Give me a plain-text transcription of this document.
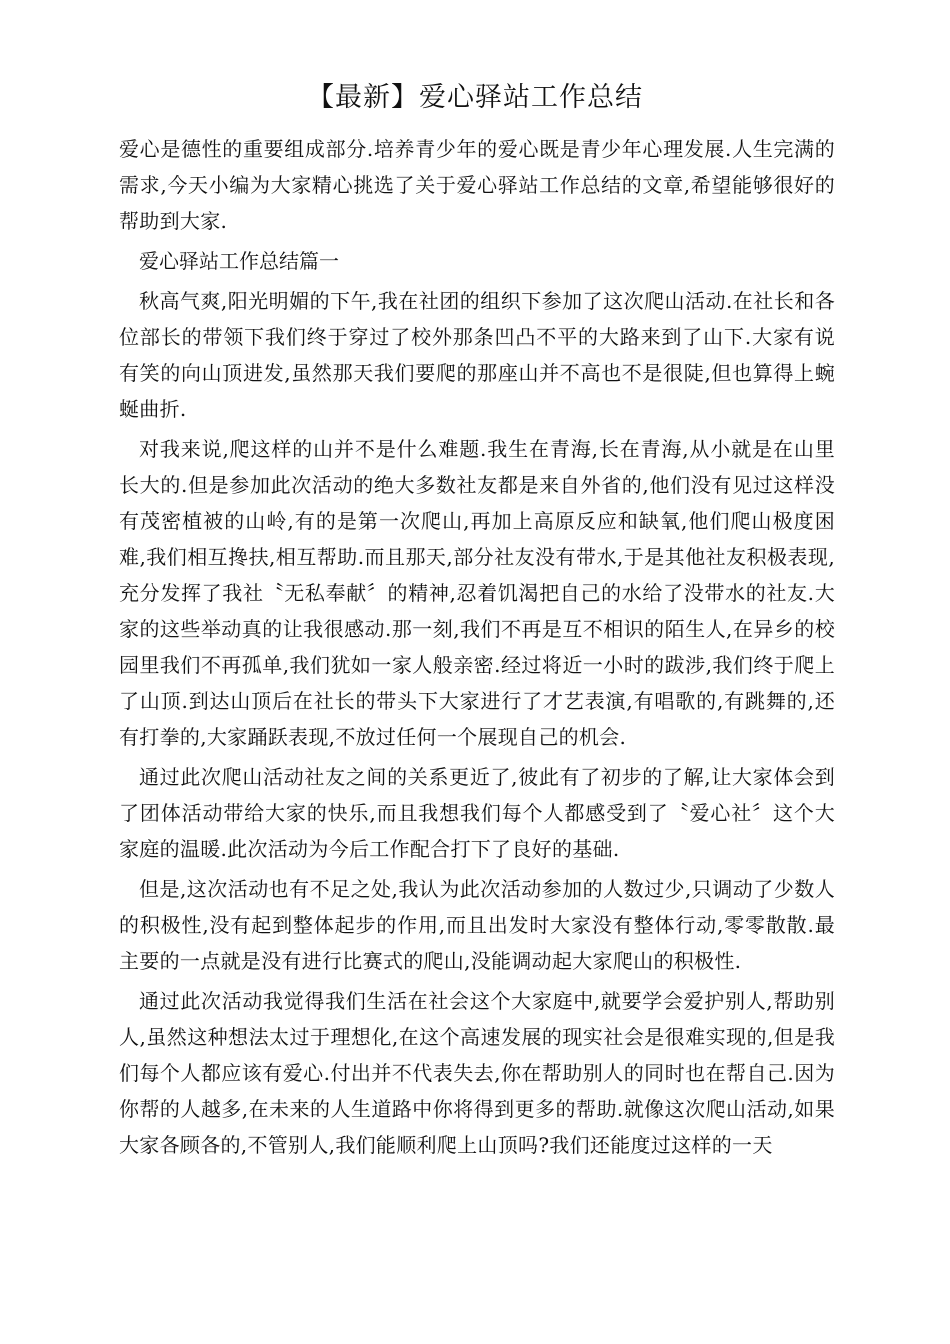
【最新】爱心驿站工作总结

爱心是德性的重要组成部分.培养青少年的爱心既是青少年心理发展.人生完满的需求,今天小编为大家精心挑选了关于爱心驿站工作总结的文章,希望能够很好的帮助到大家.

爱心驿站工作总结篇一

秋高气爽,阳光明媚的下午,我在社团的组织下参加了这次爬山活动.在社长和各位部长的带领下我们终于穿过了校外那条凹凸不平的大路来到了山下.大家有说有笑的向山顶进发,虽然那天我们要爬的那座山并不高也不是很陡,但也算得上蜿蜒曲折.

对我来说,爬这样的山并不是什么难题.我生在青海,长在青海,从小就是在山里长大的.但是参加此次活动的绝大多数社友都是来自外省的,他们没有见过这样没有茂密植被的山岭,有的是第一次爬山,再加上高原反应和缺氧,他们爬山极度困难,我们相互搀扶,相互帮助.而且那天,部分社友没有带水,于是其他社友积极表现,充分发挥了我社〝无私奉献〞的精神,忍着饥渴把自己的水给了没带水的社友.大家的这些举动真的让我很感动.那一刻,我们不再是互不相识的陌生人,在异乡的校园里我们不再孤单,我们犹如一家人般亲密.经过将近一小时的跋涉,我们终于爬上了山顶.到达山顶后在社长的带头下大家进行了才艺表演,有唱歌的,有跳舞的,还有打拳的,大家踊跃表现,不放过任何一个展现自己的机会.

通过此次爬山活动社友之间的关系更近了,彼此有了初步的了解,让大家体会到了团体活动带给大家的快乐,而且我想我们每个人都感受到了〝爱心社〞这个大家庭的温暖.此次活动为今后工作配合打下了良好的基础.

但是,这次活动也有不足之处,我认为此次活动参加的人数过少,只调动了少数人的积极性,没有起到整体起步的作用,而且出发时大家没有整体行动,零零散散.最主要的一点就是没有进行比赛式的爬山,没能调动起大家爬山的积极性.

通过此次活动我觉得我们生活在社会这个大家庭中,就要学会爱护别人,帮助别人,虽然这种想法太过于理想化,在这个高速发展的现实社会是很难实现的,但是我们每个人都应该有爱心.付出并不代表失去,你在帮助别人的同时也在帮自己.因为你帮的人越多,在未来的人生道路中你将得到更多的帮助.就像这次爬山活动,如果大家各顾各的,不管别人,我们能顺利爬上山顶吗?我们还能度过这样的一天
